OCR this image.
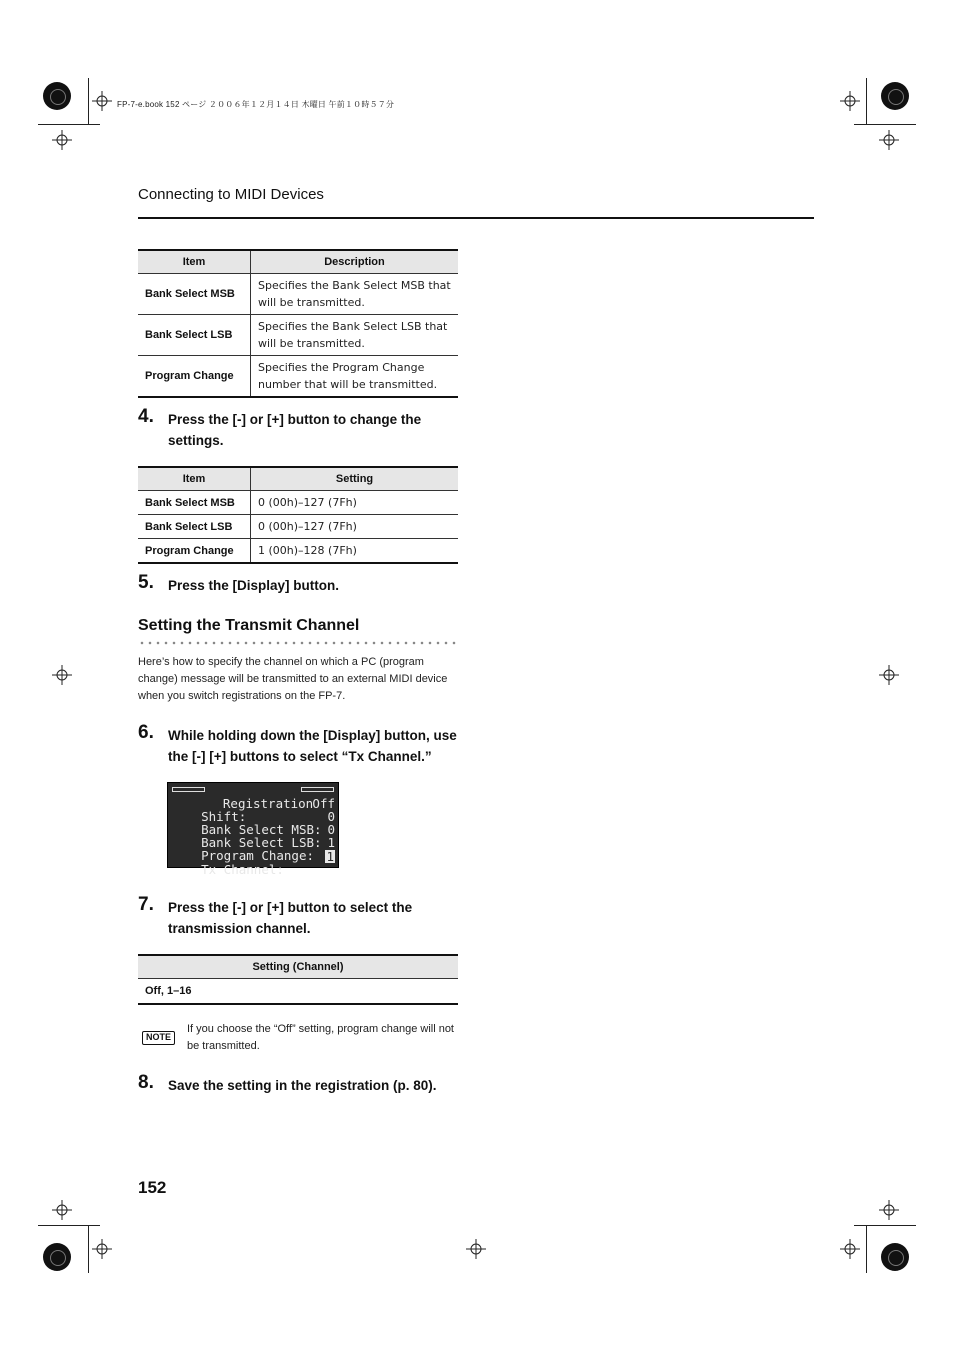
FP-7-e.book 152 ページ ２００６年１２月１４日 木曜日 午前１０時５７分
Connecting to MIDI Devices
Item	Description
Bank Select MSB	Specifies the Bank Select MSB that will be transmitted.
Bank Select LSB	Specifies the Bank Select LSB that will be transmitted.
Program Change	Specifies the Program Change number that will be transmitted.
4. Press the [-] or [+] button to change the settings.
Item	Setting
Bank Select MSB	0 (00h)–127 (7Fh)
Bank Select LSB	0 (00h)–127 (7Fh)
Program Change	1 (00h)–128 (7Fh)
5. Press the [Display] button.
Setting the Transmit Channel
Here’s how to specify the channel on which a PC (program change) message will be transmitted to an external MIDI device when you switch registrations on the FP-7.
6. While holding down the [Display] button, use the [-] [+] buttons to select “Tx Channel.”

Registration

Shift:
Off

Bank Select MSB:
0

Bank Select LSB:
0

Program Change:
1

Tx Channel:
1

7. Press the [-] or [+] button to select the transmission channel.
Setting (Channel)
Off, 1–16
NOTE
If you choose the “Off” setting, program change will not be transmitted.
8. Save the setting in the registration (p. 80).
152
